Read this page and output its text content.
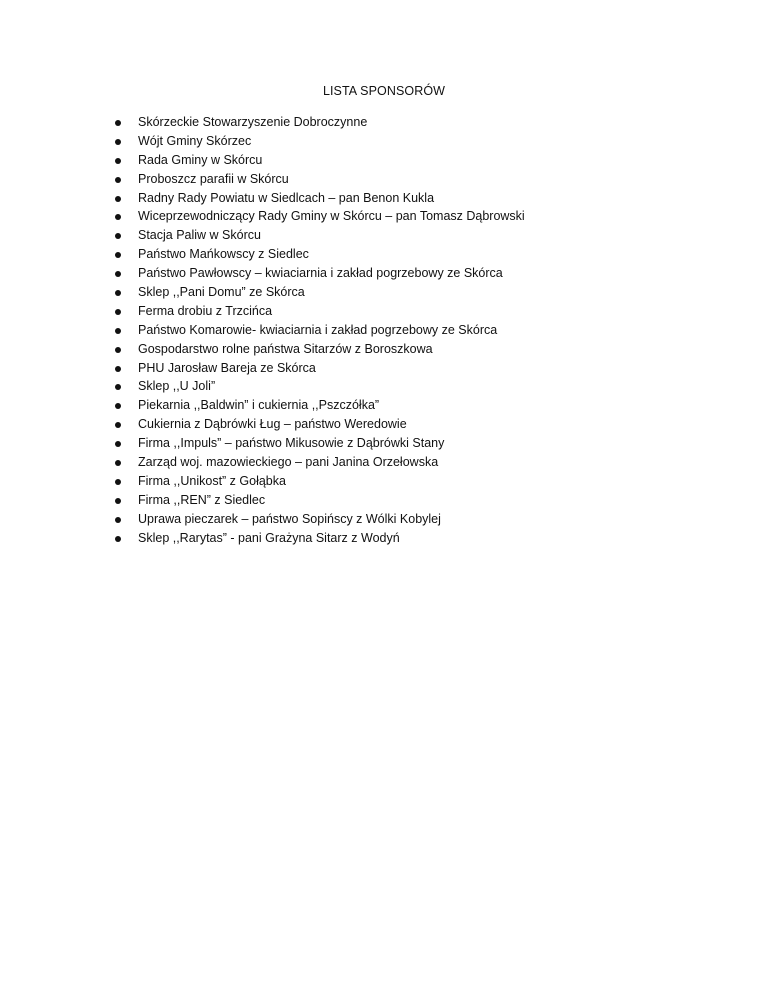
LISTA SPONSORÓW
Skórzeckie Stowarzyszenie Dobroczynne
Wójt Gminy Skórzec
Rada Gminy w Skórcu
Proboszcz parafii w Skórcu
Radny Rady Powiatu w Siedlcach – pan Benon Kukla
Wiceprzewodniczący Rady Gminy w Skórcu – pan Tomasz Dąbrowski
Stacja Paliw w Skórcu
Państwo Mańkowscy z Siedlec
Państwo Pawłowscy – kwiaciarnia i zakład pogrzebowy ze Skórca
Sklep ,,Pani Domu” ze Skórca
Ferma drobiu z Trzcińca
Państwo Komarowie- kwiaciarnia i zakład pogrzebowy ze Skórca
Gospodarstwo rolne państwa Sitarzów z Boroszkowa
PHU Jarosław Bareja ze Skórca
Sklep ,,U Joli”
Piekarnia ,,Baldwin” i cukiernia ,,Pszczółka”
Cukiernia z Dąbrówki Ług – państwo Weredowie
Firma ,,Impuls” – państwo Mikusowie z Dąbrówki Stany
Zarząd woj. mazowieckiego – pani Janina Orzełowska
Firma ,,Unikost” z Gołąbka
Firma ,,REN” z Siedlec
Uprawa pieczarek – państwo Sopińscy z Wólki Kobylej
Sklep ,,Rarytas” - pani Grażyna Sitarz z Wodyń
